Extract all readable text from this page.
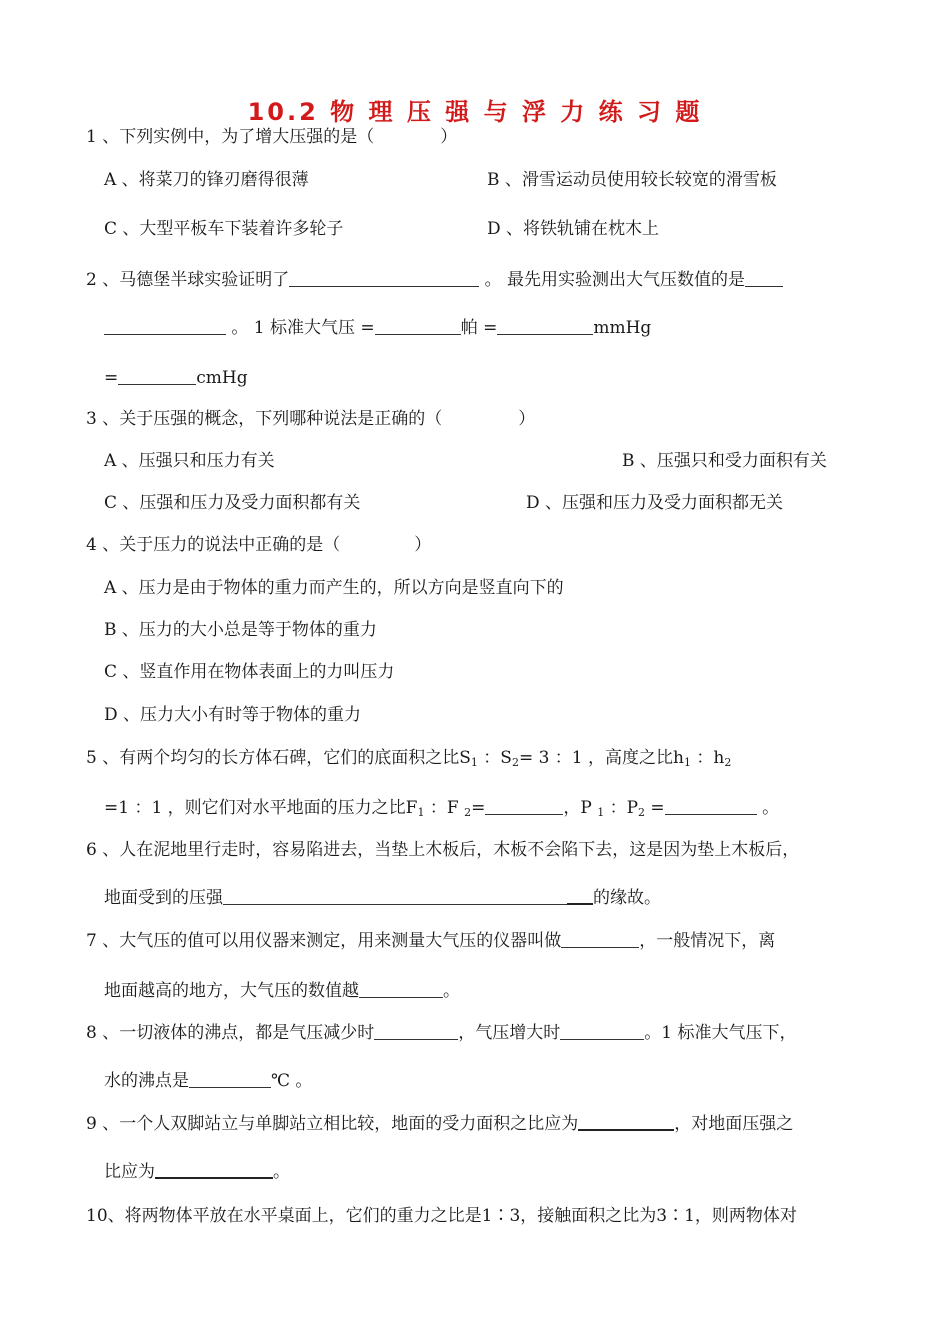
10.2 物 理 压 强 与 浮 力 练 习 题
1 、下列实例中，为了增大压强的是（	）
A 、将菜刀的锋刃磨得很薄	B 、滑雪运动员使用较长较宽的滑雪板
C 、大型平板车下装着许多轮子	D 、将铁轨铺在枕木上
2 、马德堡半球实验证明了	。 最先用实验测出大气压数值的是
。 1 标准大气压 =	帕 =	mmHg
=	cmHg
3 、关于压强的概念，下列哪种说法是正确的（	）
A 、压强只和压力有关	B 、压强只和受力面积有关
C 、压强和压力及受力面积都有关	D 、压强和压力及受力面积都无关
4 、关于压力的说法中正确的是（	）
A 、压力是由于物体的重力而产生的，所以方向是竖直向下的
B 、压力的大小总是等于物体的重力
C 、竖直作用在物体表面上的力叫压力
D 、压力大小有时等于物体的重力
5 、有两个均匀的长方体石碑，它们的底面积之比$S_1$ ：$S_2= 3$ ：1 ，高度之比$h_1$ ：$h_2$
=1 ：1 ，则它们对水平地面的压力之比$F_1$ ：F $_2$=	，P $_1$ ：$P_2$ =	。
6 、人在泥地里行走时，容易陷进去，当垫上木板后，木板不会陷下去，这是因为垫上木板后，
地面受到的压强	的缘故。
7 、大气压的值可以用仪器来测定，用来测量大气压的仪器叫做	，一般情况下，离
地面越高的地方，大气压的数值越	。
8 、一切液体的沸点，都是气压减少时	，气压增大时	。1 标准大气压下，
水的沸点是	℃ 。
9 、一个人双脚站立与单脚站立相比较，地面的受力面积之比应为	，对地面压强之
比应为	。
10、将两物体平放在水平桌面上，它们的重力之比是1∶3，接触面积之比为3∶1，则两物体对
